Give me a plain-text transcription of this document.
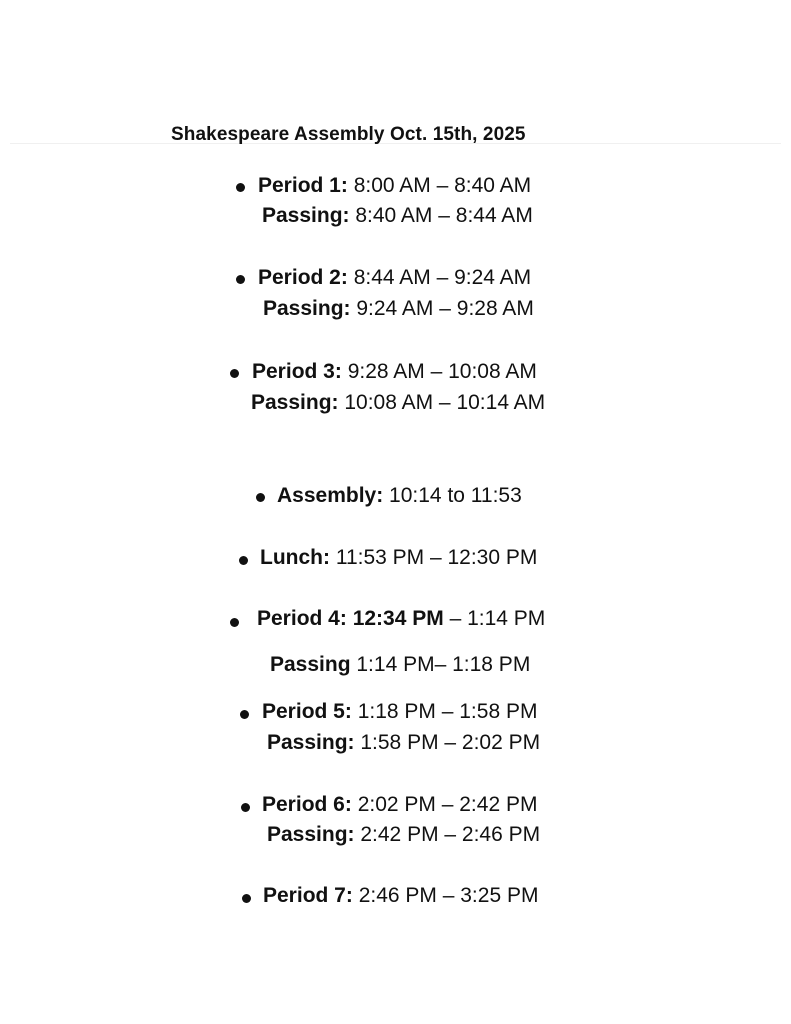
Shakespeare Assembly Oct. 15th, 2025
Period 1: 8:00 AM – 8:40 AM
Passing: 8:40 AM – 8:44 AM
Period 2: 8:44 AM – 9:24 AM
Passing: 9:24 AM – 9:28 AM
Period 3: 9:28 AM – 10:08 AM
Passing: 10:08 AM – 10:14 AM
Assembly: 10:14 to 11:53
Lunch: 11:53 PM – 12:30 PM
Period 4: 12:34 PM – 1:14 PM
Passing 1:14 PM– 1:18 PM
Period 5: 1:18 PM – 1:58 PM
Passing: 1:58 PM – 2:02 PM
Period 6: 2:02 PM – 2:42 PM
Passing: 2:42 PM – 2:46 PM
Period 7: 2:46 PM – 3:25 PM
